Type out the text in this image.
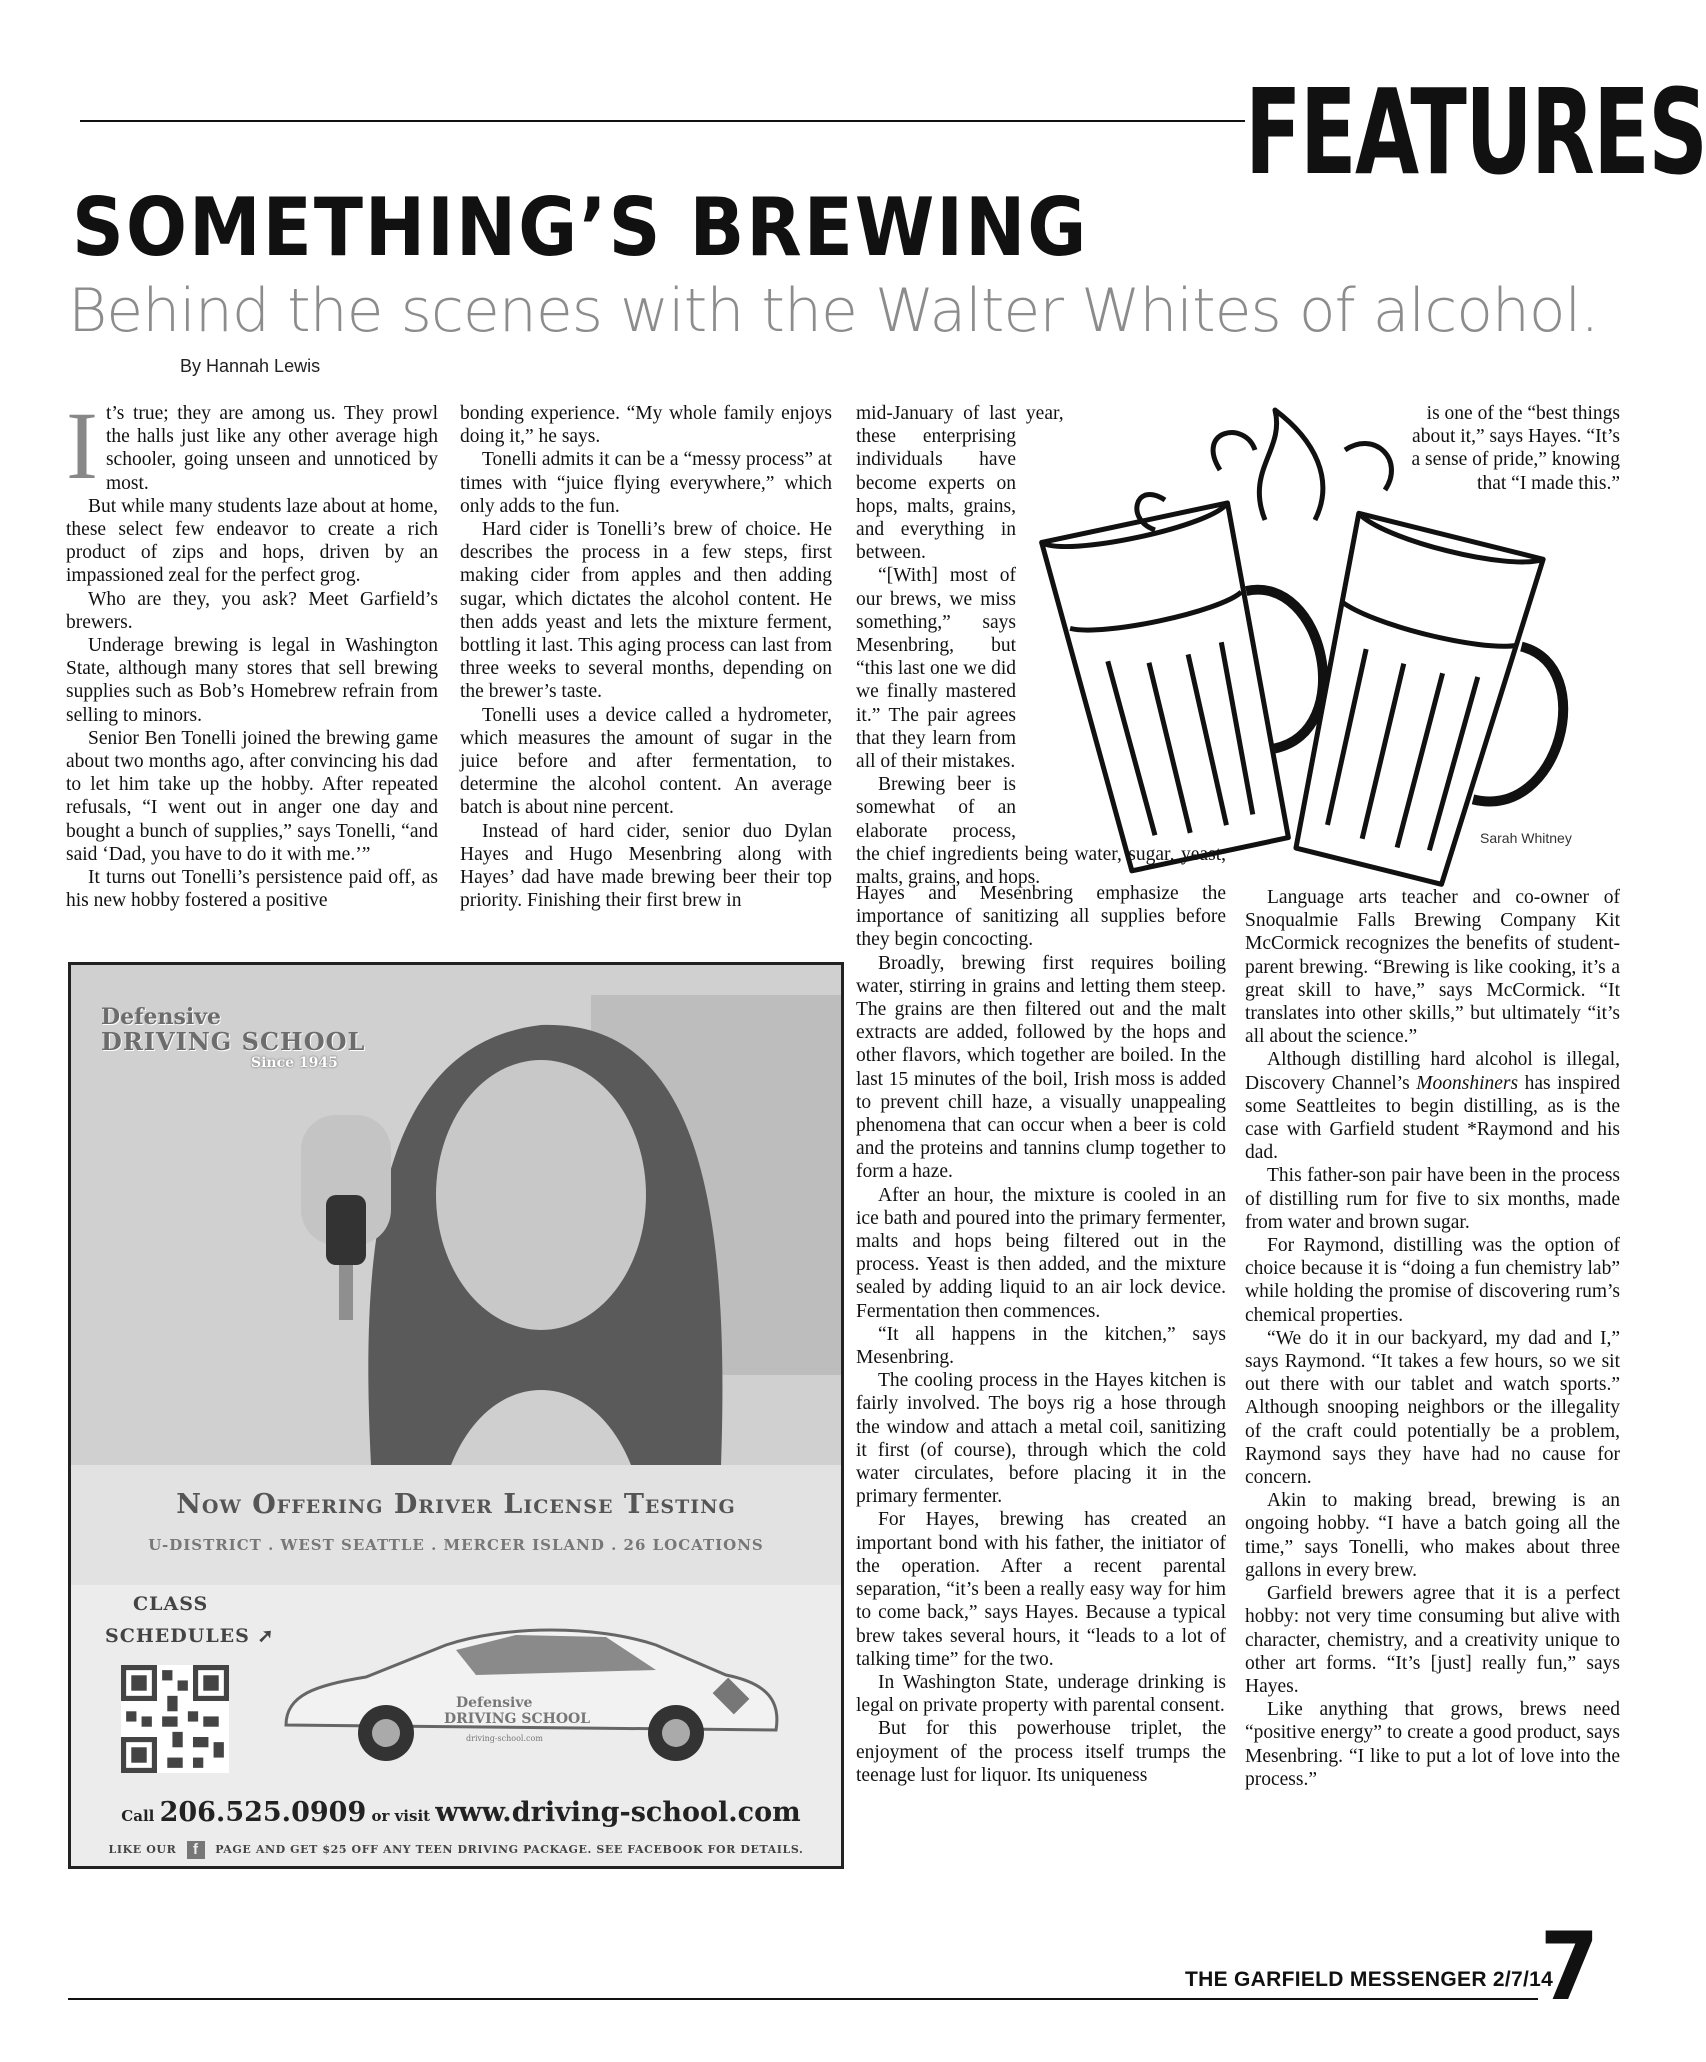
FEATURES
SOMETHING’S BREWING
Behind the scenes with the Walter Whites of alcohol.
By Hannah Lewis

It’s true; they are among us. They prowl the halls just like any other average high schooler, going unseen and unnoticed by most.

But while many students laze about at home, these select few endeavor to create a rich product of zips and hops, driven by an impassioned zeal for the perfect grog.

Who are they, you ask? Meet Garfield’s brewers.

Underage brewing is legal in Washington State, although many stores that sell brewing supplies such as Bob’s Homebrew refrain from selling to minors.

Senior Ben Tonelli joined the brewing game about two months ago, after convincing his dad to let him take up the hobby. After repeated refusals, “I went out in anger one day and bought a bunch of supplies,” says Tonelli, “and said ‘Dad, you have to do it with me.’”

It turns out Tonelli’s persistence paid off, as his new hobby fostered a positive

bonding experience. “My whole family enjoys doing it,” he says.

Tonelli admits it can be a “messy process” at times with “juice flying everywhere,” which only adds to the fun.

Hard cider is Tonelli’s brew of choice. He describes the process in a few steps, first making cider from apples and then adding sugar, which dictates the alcohol content. He then adds yeast and lets the mixture ferment, bottling it last. This aging process can last from three weeks to several months, depending on the brewer’s taste.

Tonelli uses a device called a hydrometer, which measures the amount of sugar in the juice before and after fermentation, to determine the alcohol content. An average batch is about nine percent.

Instead of hard cider, senior duo Dylan Hayes and Hugo Mesenbring along with Hayes’ dad have made brewing beer their top priority. Finishing their first brew in

mid-January of last year, these enterprising individuals have become experts on hops, malts, grains, and everything in between.

“[With] most of our brews, we miss something,” says Mesenbring, but “this last one we did we finally mastered it.” The pair agrees that they learn from all of their mistakes.

Brewing beer is somewhat of an elaborate process, the chief ingredients being water, sugar, yeast, malts, grains, and hops.

Hayes and Mesenbring emphasize the importance of sanitizing all supplies before they begin concocting.

Broadly, brewing first requires boiling water, stirring in grains and letting them steep. The grains are then filtered out and the malt extracts are added, followed by the hops and other flavors, which together are boiled. In the last 15 minutes of the boil, Irish moss is added to prevent chill haze, a visually unappealing phenomena that can occur when a beer is cold and the proteins and tannins clump together to form a haze.

After an hour, the mixture is cooled in an ice bath and poured into the primary fermenter, malts and hops being filtered out in the process. Yeast is then added, and the mixture sealed by adding liquid to an air lock device. Fermentation then commences.

“It all happens in the kitchen,” says Mesenbring.

The cooling process in the Hayes kitchen is fairly involved. The boys rig a hose through the window and attach a metal coil, sanitizing it first (of course), through which the cold water circulates, before placing it in the primary fermenter.

For Hayes, brewing has created an important bond with his father, the initiator of the operation. After a recent parental separation, “it’s been a really easy way for him to come back,” says Hayes. Because a typical brew takes several hours, it “leads to a lot of talking time” for the two.

In Washington State, underage drinking is legal on private property with parental consent.

But for this powerhouse triplet, the enjoyment of the process itself trumps the teenage lust for liquor. Its uniqueness

is one of the “best things about it,” says Hayes. “It’s a sense of pride,” knowing that “I made this.”

Language arts teacher and co-owner of Snoqualmie Falls Brewing Company Kit McCormick recognizes the benefits of student-parent brewing. “Brewing is like cooking, it’s a great skill to have,” says McCormick. “It translates into other skills,” but ultimately “it’s all about the science.”

Although distilling hard alcohol is illegal, Discovery Channel’s Moonshiners has inspired some Seattleites to begin distilling, as is the case with Garfield student *Raymond and his dad.

This father-son pair have been in the process of distilling rum for five to six months, made from water and brown sugar.

For Raymond, distilling was the option of choice because it is “doing a fun chemistry lab” while holding the promise of discovering rum’s chemical properties.

“We do it in our backyard, my dad and I,” says Raymond. “It takes a few hours, so we sit out there with our tablet and watch sports.” Although snooping neighbors or the illegality of the craft could potentially be a problem, Raymond says they have had no cause for concern.

Akin to making bread, brewing is an ongoing hobby. “I have a batch going all the time,” says Tonelli, who makes about three gallons in every brew.

Garfield brewers agree that it is a perfect hobby: not very time consuming but alive with character, chemistry, and a creativity unique to other art forms. “It’s [just] really fun,” says Hayes.

Like anything that grows, brews need “positive energy” to create a good product, says Mesenbring. “I like to put a lot of love into the process.”

Sarah Whitney
Defensive
DRIVING SCHOOL
Since 1945
Now Offering Driver License Testing
U-DISTRICT . WEST SEATTLE . MERCER ISLAND . 26 LOCATIONS
CLASS
SCHEDULES ➚
Defensive
DRIVING SCHOOL
driving-school.com
Call 206.525.0909 or visit www.driving-school.com
LIKE OUR f PAGE AND GET $25 OFF ANY TEEN DRIVING PACKAGE. SEE FACEBOOK FOR DETAILS.
THE GARFIELD MESSENGER 2/7/14
7
